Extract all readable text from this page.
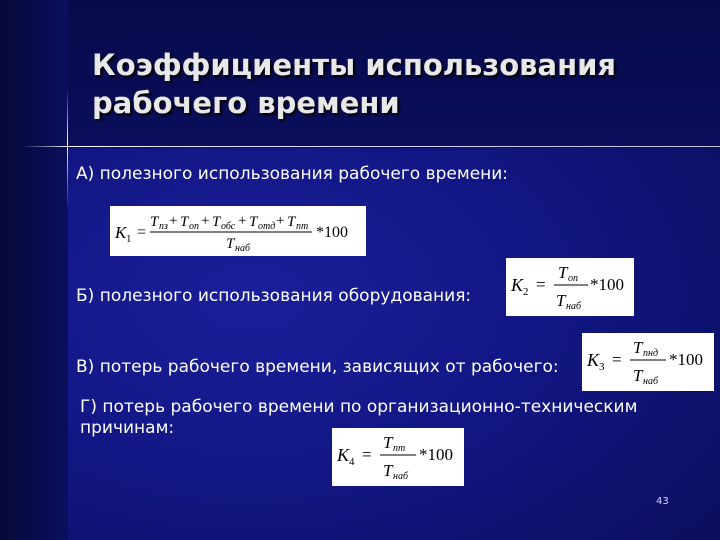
Коэффициенты использования
рабочего времени
А) полезного использования рабочего времени:
K 1 =
T пз + T оп + T обс + T отд + T пт
T наб
*100
Б) полезного использования оборудования:
K 2 =
T оп
T наб
*100
В) потерь рабочего времени, зависящих от рабочего: K 3 =
T пнд
T наб
*100
Г) потерь рабочего времени по организационно-техническим
причинам:
K 4 =
T пт
T наб
*100
43
